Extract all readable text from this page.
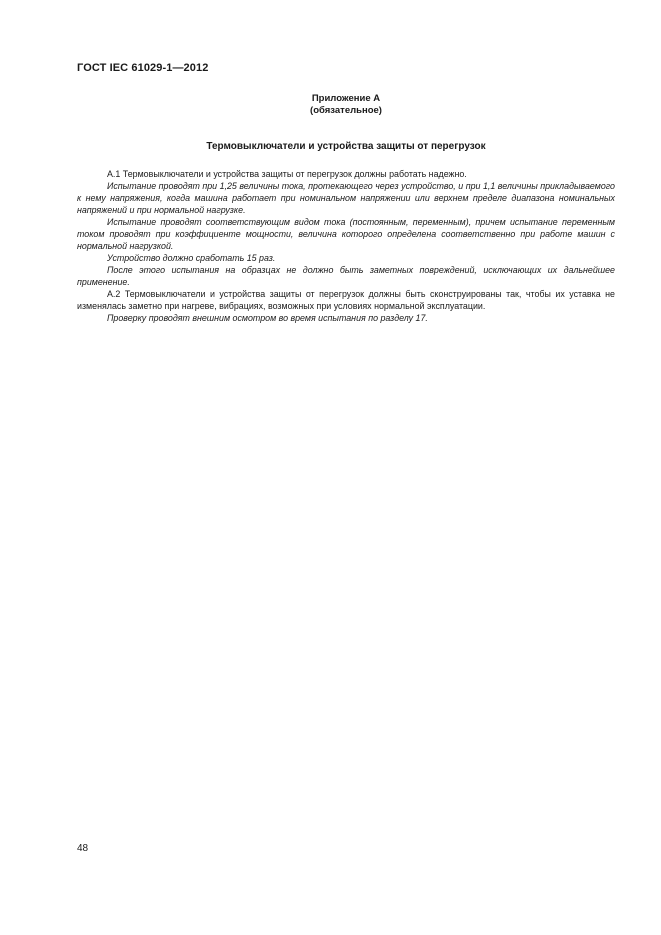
ГОСТ IEC 61029-1—2012
Приложение А
(обязательное)
Термовыключатели и устройства защиты от перегрузок

А.1 Термовыключатели и устройства защиты от перегрузок должны работать надежно.

Испытание проводят при 1,25 величины тока, протекающего через устройство, и при 1,1 величины прикладываемого к нему напряжения, когда машина работает при номинальном напряжении или верхнем пределе диапазона номинальных напряжений и при нормальной нагрузке.

Испытание проводят соответствующим видом тока (постоянным, переменным), причем испытание переменным током проводят при коэффициенте мощности, величина которого определена соответственно при работе машин с нормальной нагрузкой.

Устройство должно сработать 15 раз.

После этого испытания на образцах не должно быть заметных повреждений, исключающих их дальнейшее применение.

А.2 Термовыключатели и устройства защиты от перегрузок должны быть сконструированы так, чтобы их уставка не изменялась заметно при нагреве, вибрациях, возможных при условиях нормальной эксплуатации.

Проверку проводят внешним осмотром во время испытания по разделу 17.

48
